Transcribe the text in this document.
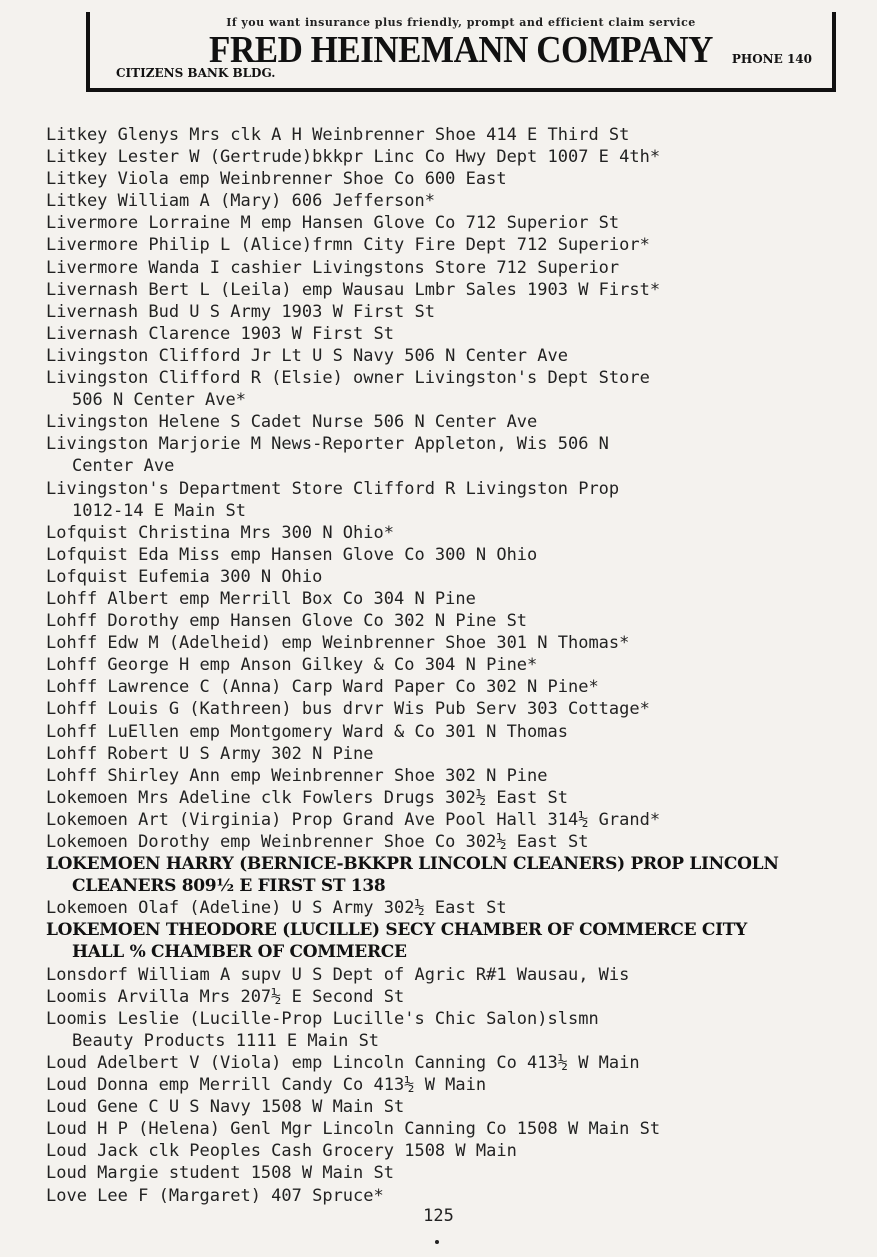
If you want insurance plus friendly, prompt and efficient claim service
FRED HEINEMANN COMPANY
CITIZENS BANK BLDG.
PHONE 140
Litkey Glenys Mrs clk A H Weinbrenner Shoe 414 E Third St
Litkey Lester W (Gertrude)bkkpr Linc Co Hwy Dept 1007 E 4th*
Litkey Viola emp Weinbrenner Shoe Co 600 East
Litkey William A (Mary) 606 Jefferson*
Livermore Lorraine M emp Hansen Glove Co 712 Superior St
Livermore Philip L (Alice)frmn City Fire Dept 712 Superior*
Livermore Wanda I cashier Livingstons Store 712 Superior
Livernash Bert L (Leila) emp Wausau Lmbr Sales 1903 W First*
Livernash Bud U S Army 1903 W First St
Livernash Clarence 1903 W First St
Livingston Clifford Jr Lt U S Navy 506 N Center Ave
Livingston Clifford R (Elsie) owner Livingston's Dept Store
506 N Center Ave*
Livingston Helene S Cadet Nurse 506 N Center Ave
Livingston Marjorie M News-Reporter Appleton, Wis 506 N
Center Ave
Livingston's Department Store Clifford R Livingston Prop
1012-14 E Main St
Lofquist Christina Mrs 300 N Ohio*
Lofquist Eda Miss emp Hansen Glove Co 300 N Ohio
Lofquist Eufemia 300 N Ohio
Lohff Albert emp Merrill Box Co 304 N Pine
Lohff Dorothy emp Hansen Glove Co 302 N Pine St
Lohff Edw M (Adelheid) emp Weinbrenner Shoe 301 N Thomas*
Lohff George H emp Anson Gilkey & Co 304 N Pine*
Lohff Lawrence C (Anna) Carp Ward Paper Co 302 N Pine*
Lohff Louis G (Kathreen) bus drvr Wis Pub Serv 303 Cottage*
Lohff LuEllen emp Montgomery Ward & Co 301 N Thomas
Lohff Robert U S Army 302 N Pine
Lohff Shirley Ann emp Weinbrenner Shoe 302 N Pine
Lokemoen Mrs Adeline clk Fowlers Drugs 302½ East St
Lokemoen Art (Virginia) Prop Grand Ave Pool Hall 314½ Grand*
Lokemoen Dorothy emp Weinbrenner Shoe Co 302½ East St
LOKEMOEN HARRY (BERNICE-BKKPR LINCOLN CLEANERS) PROP LINCOLN
CLEANERS 809½ E FIRST ST 138
Lokemoen Olaf (Adeline) U S Army 302½ East St
LOKEMOEN THEODORE (LUCILLE) SECY CHAMBER OF COMMERCE CITY
HALL % CHAMBER OF COMMERCE
Lonsdorf William A supv U S Dept of Agric R#1 Wausau, Wis
Loomis Arvilla Mrs 207½ E Second St
Loomis Leslie (Lucille-Prop Lucille's Chic Salon)slsmn
Beauty Products 1111 E Main St
Loud Adelbert V (Viola) emp Lincoln Canning Co 413½ W Main
Loud Donna emp Merrill Candy Co 413½ W Main
Loud Gene C U S Navy 1508 W Main St
Loud H P (Helena) Genl Mgr Lincoln Canning Co 1508 W Main St
Loud Jack clk Peoples Cash Grocery 1508 W Main
Loud Margie student 1508 W Main St
Love Lee F (Margaret) 407 Spruce*
125
